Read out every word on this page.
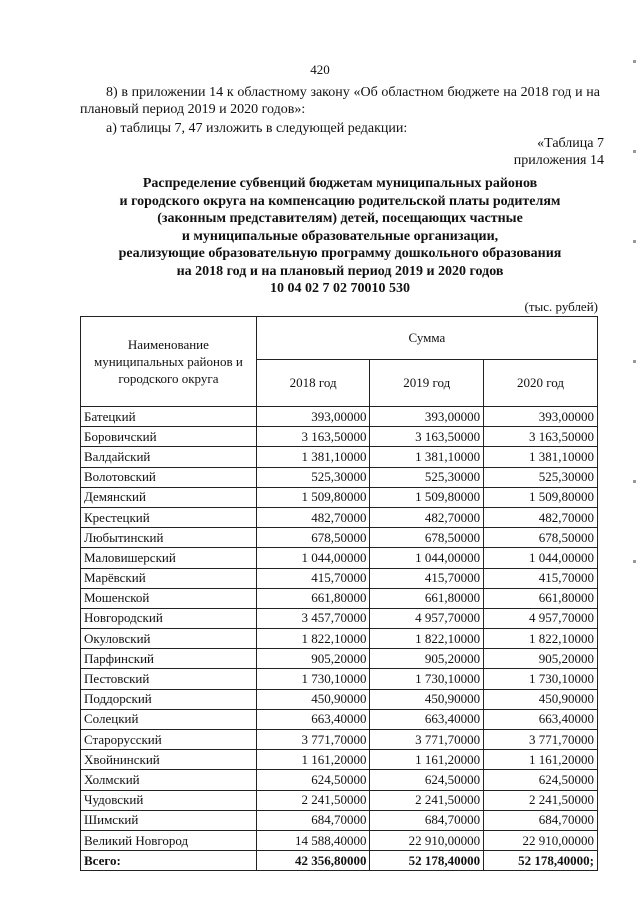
420
8) в приложении 14 к областному закону «Об областном бюджете на 2018 год и на плановый период 2019 и 2020 годов»:
а) таблицы 7, 47 изложить в следующей редакции:
«Таблица 7
приложения 14
Распределение субвенций бюджетам муниципальных районов
и городского округа на компенсацию родительской платы родителям
(законным представителям) детей, посещающих частные
и муниципальные образовательные организации,
реализующие образовательную программу дошкольного образования
на 2018 год и на плановый период 2019 и 2020 годов
10 04 02 7 02 70010 530
(тыс. рублей)
Наименование муниципальных районов и городского округа	Сумма		
	2018 год	2019 год	2020 год
Батецкий	393,00000	393,00000	393,00000
Боровичский	3 163,50000	3 163,50000	3 163,50000
Валдайский	1 381,10000	1 381,10000	1 381,10000
Волотовский	525,30000	525,30000	525,30000
Демянский	1 509,80000	1 509,80000	1 509,80000
Крестецкий	482,70000	482,70000	482,70000
Любытинский	678,50000	678,50000	678,50000
Маловишерский	1 044,00000	1 044,00000	1 044,00000
Марёвский	415,70000	415,70000	415,70000
Мошенской	661,80000	661,80000	661,80000
Новгородский	3 457,70000	4 957,70000	4 957,70000
Окуловский	1 822,10000	1 822,10000	1 822,10000
Парфинский	905,20000	905,20000	905,20000
Пестовский	1 730,10000	1 730,10000	1 730,10000
Поддорский	450,90000	450,90000	450,90000
Солецкий	663,40000	663,40000	663,40000
Старорусский	3 771,70000	3 771,70000	3 771,70000
Хвойнинский	1 161,20000	1 161,20000	1 161,20000
Холмский	624,50000	624,50000	624,50000
Чудовский	2 241,50000	2 241,50000	2 241,50000
Шимский	684,70000	684,70000	684,70000
Великий Новгород	14 588,40000	22 910,00000	22 910,00000
Всего:	42 356,80000	52 178,40000	52 178,40000;
